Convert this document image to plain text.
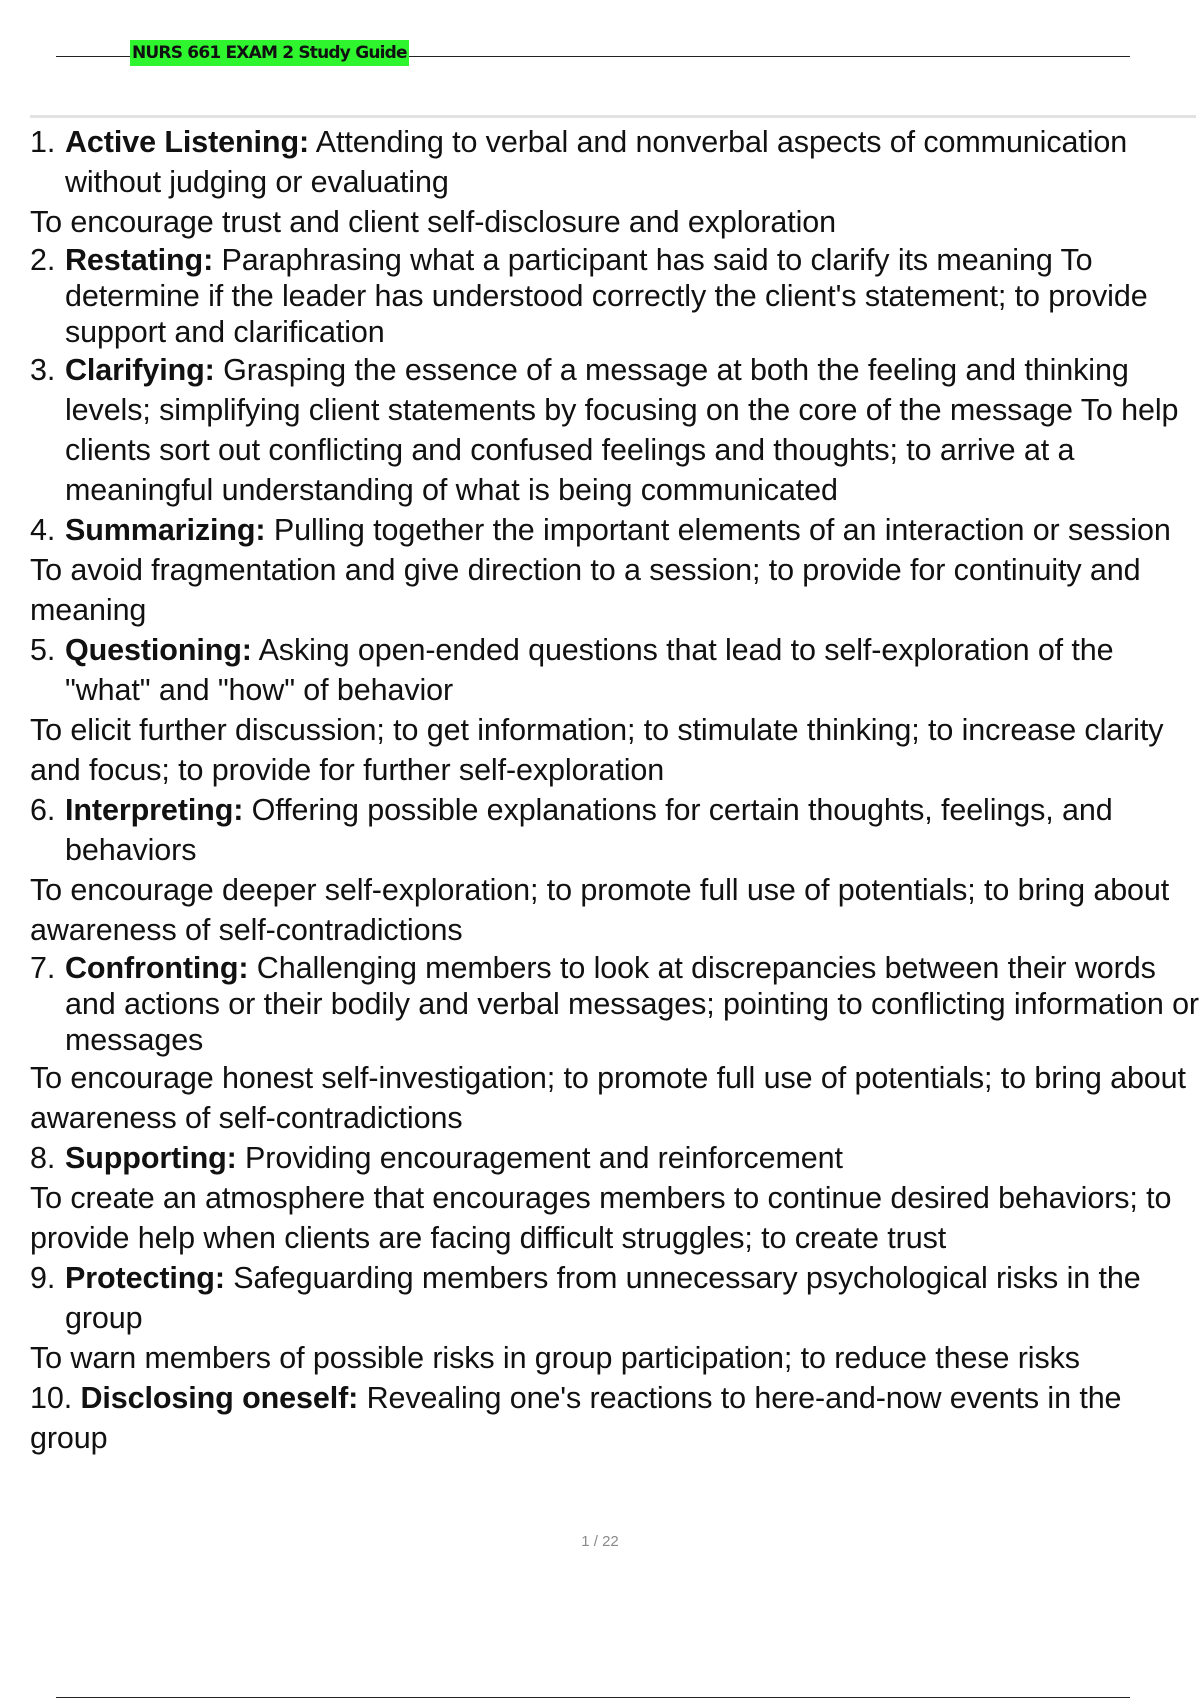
NURS 661 EXAM 2 Study Guide
1. Active Listening: Attending to verbal and nonverbal aspects of communication without judging or evaluating
To encourage trust and client self-disclosure and exploration
2. Restating: Paraphrasing what a participant has said to clarify its meaning To determine if the leader has understood correctly the client's statement; to provide support and clarification
3. Clarifying: Grasping the essence of a message at both the feeling and thinking levels; simplifying client statements by focusing on the core of the message To help clients sort out conflicting and confused feelings and thoughts; to arrive at a meaningful understanding of what is being communicated
4. Summarizing: Pulling together the important elements of an interaction or session
To avoid fragmentation and give direction to a session; to provide for continuity and meaning
5. Questioning: Asking open-ended questions that lead to self-exploration of the "what" and "how" of behavior
To elicit further discussion; to get information; to stimulate thinking; to increase clarity and focus; to provide for further self-exploration
6. Interpreting: Offering possible explanations for certain thoughts, feelings, and behaviors
To encourage deeper self-exploration; to promote full use of potentials; to bring about awareness of self-contradictions
7. Confronting: Challenging members to look at discrepancies between their words and actions or their bodily and verbal messages; pointing to conflicting information or messages
To encourage honest self-investigation; to promote full use of potentials; to bring about awareness of self-contradictions
8. Supporting: Providing encouragement and reinforcement
To create an atmosphere that encourages members to continue desired behaviors; to provide help when clients are facing difficult struggles; to create trust
9. Protecting: Safeguarding members from unnecessary psychological risks in the group
To warn members of possible risks in group participation; to reduce these risks
10. Disclosing oneself: Revealing one's reactions to here-and-now events in the group
1 / 22
